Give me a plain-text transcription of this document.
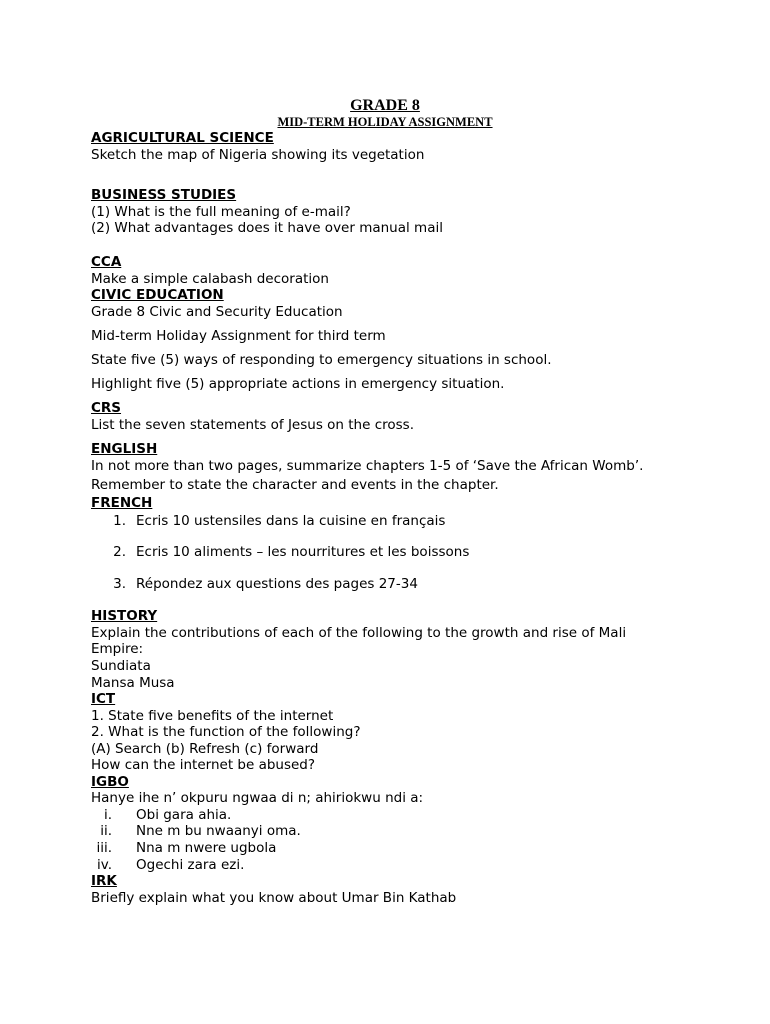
GRADE 8
MID-TERM HOLIDAY ASSIGNMENT
AGRICULTURAL SCIENCE
Sketch the map of Nigeria showing its vegetation
BUSINESS STUDIES
(1) What is the full meaning of e-mail?
(2) What advantages does it have over manual mail
CCA
Make a simple calabash decoration
CIVIC EDUCATION
Grade 8 Civic and Security Education
Mid-term Holiday Assignment for third term
State five (5) ways of responding to emergency situations in school.
Highlight five (5) appropriate actions in emergency situation.
CRS
List the seven statements of Jesus on the cross.
ENGLISH
In not more than two pages, summarize chapters 1-5 of ‘Save the African Womb’.
Remember to state the character and events in the chapter.
FRENCH
1. Ecris 10 ustensiles dans la cuisine en français
2. Ecris 10 aliments – les nourritures et les boissons
3. Répondez aux questions des pages 27-34
HISTORY
Explain the contributions of each of the following to the growth and rise of Mali
Empire:
Sundiata
Mansa Musa
ICT
1. State five benefits of the internet
2. What is the function of the following?
(A) Search (b) Refresh (c) forward
How can the internet be abused?
IGBO
Hanye ihe n’ okpuru ngwaa di n; ahiriokwu ndi a:
i. Obi gara ahia.
ii. Nne m bu nwaanyi oma.
iii. Nna m nwere ugbola
iv. Ogechi zara ezi.
IRK
Briefly explain what you know about Umar Bin Kathab
